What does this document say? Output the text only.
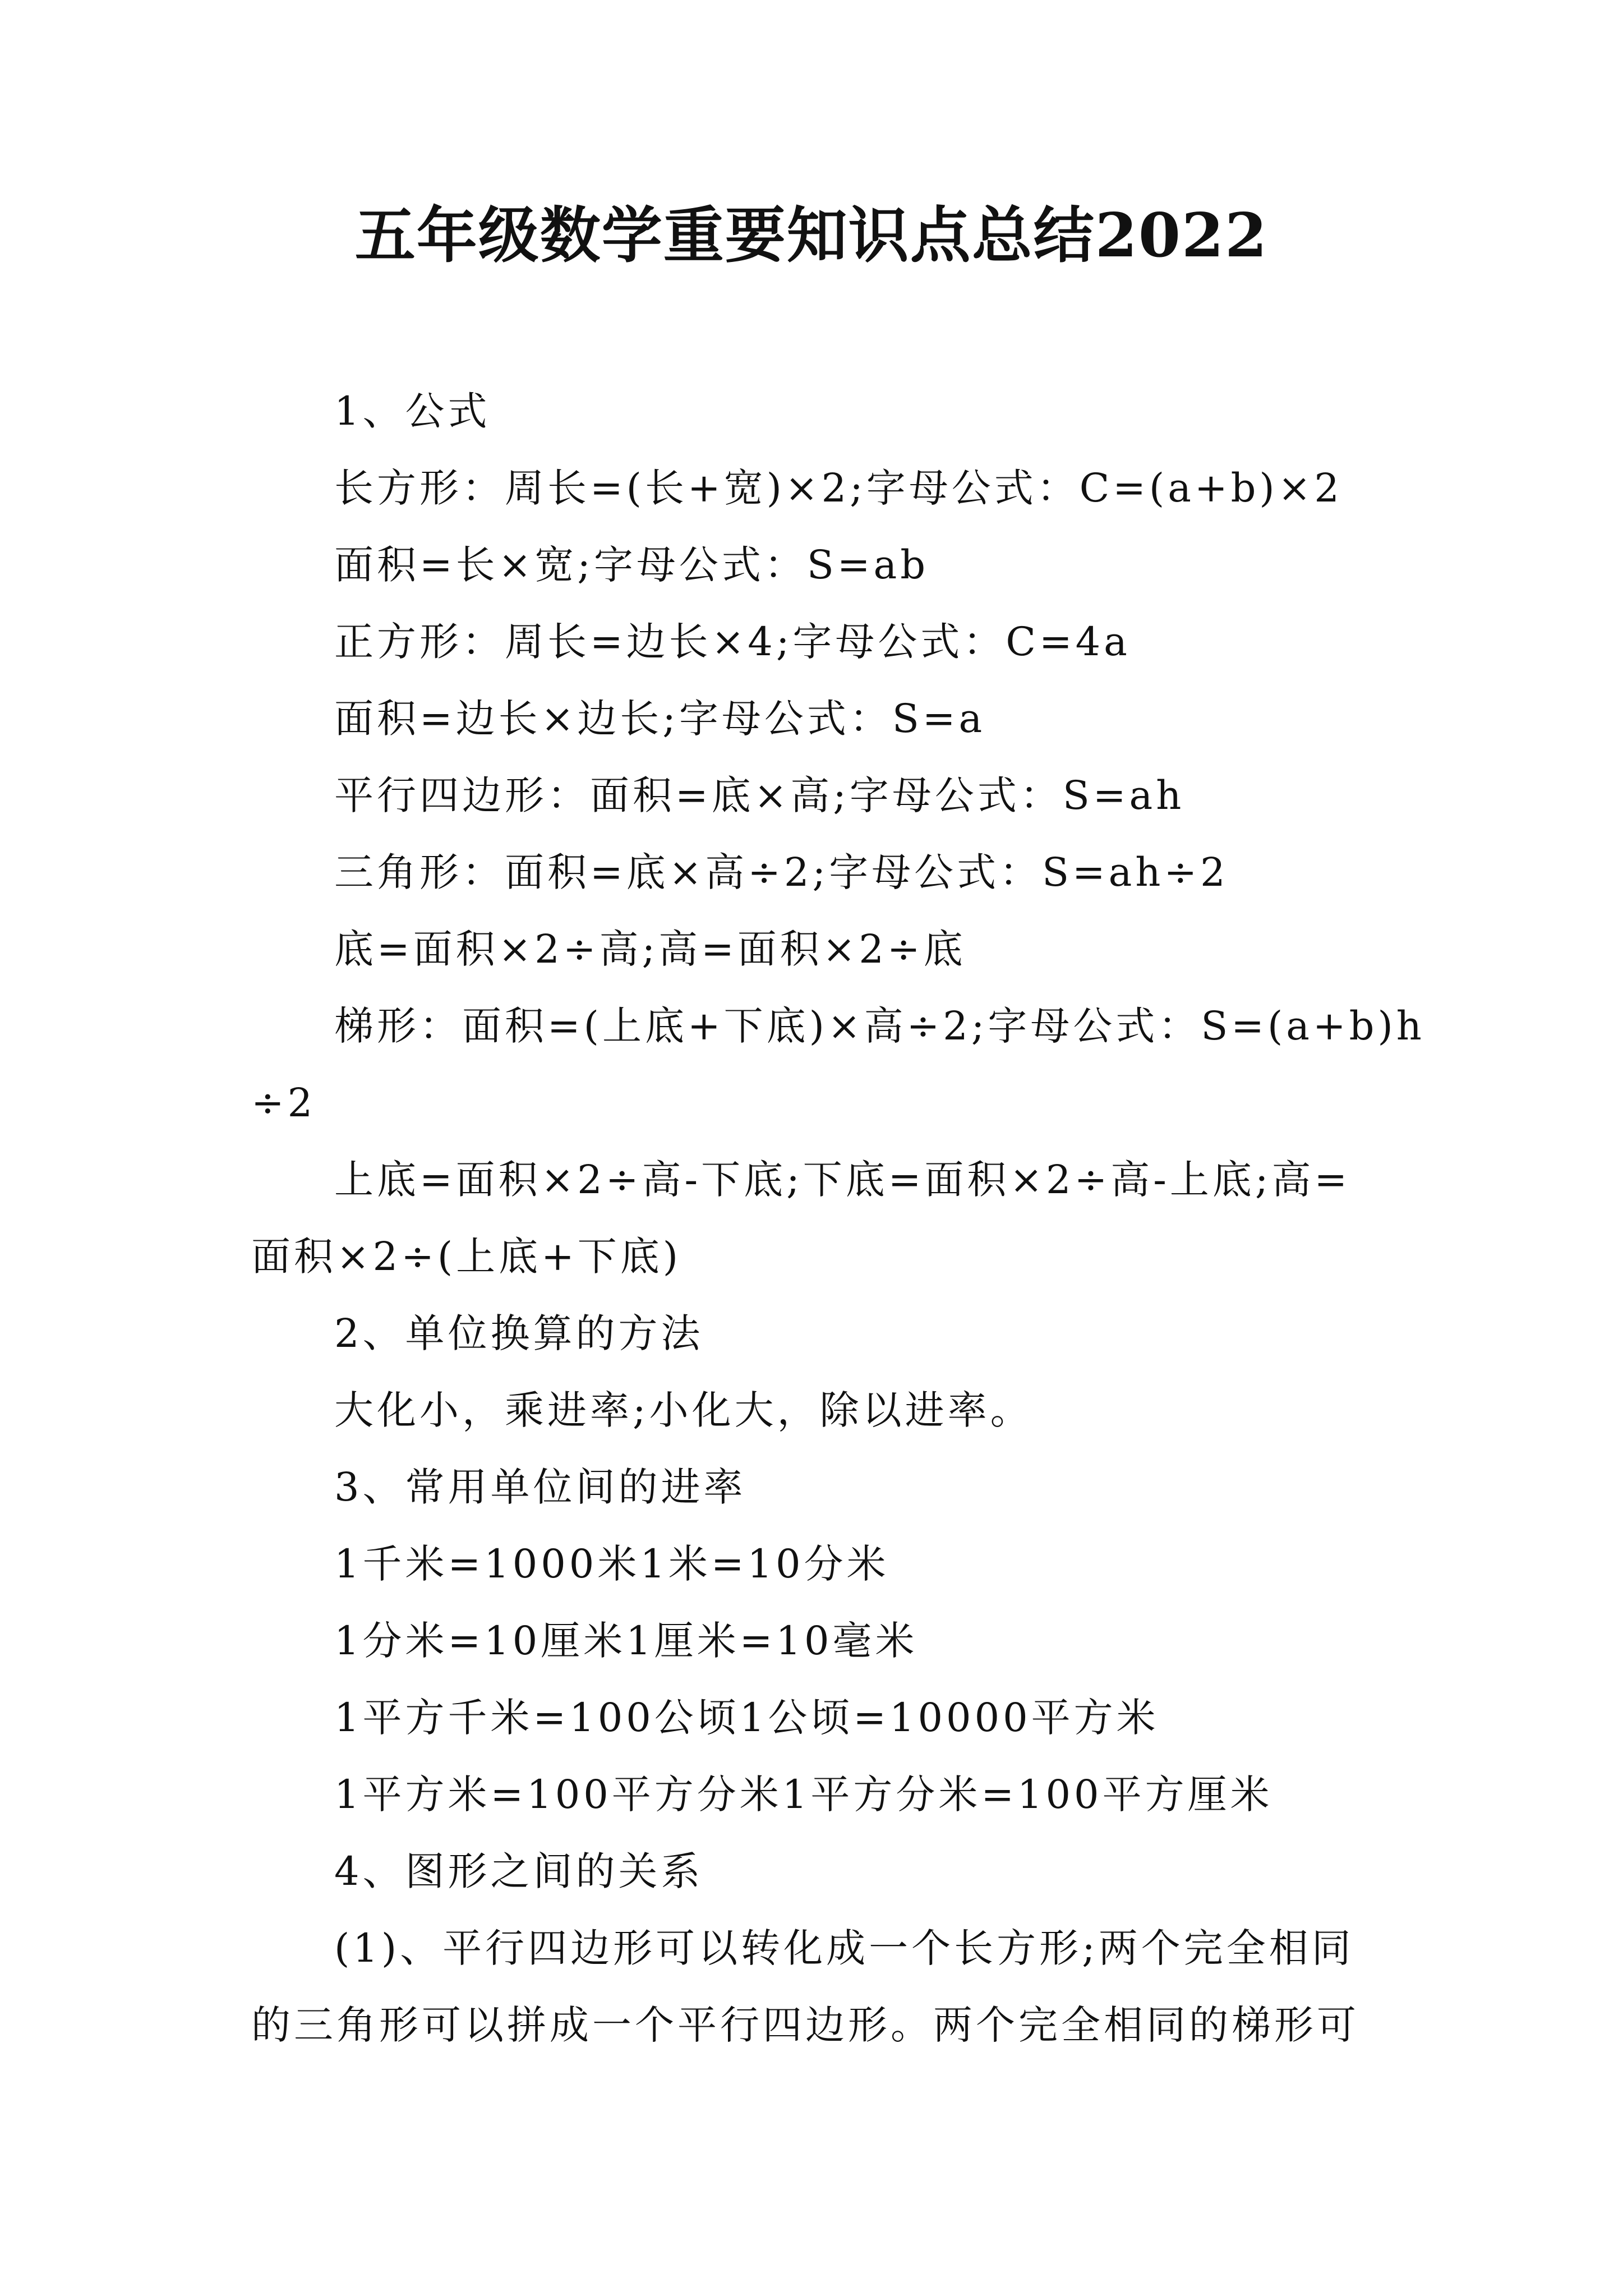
五年级数学重要知识点总结2022

1、公式

长方形：周长=(长+宽)×2;字母公式：C=(a+b)×2

面积=长×宽;字母公式：S=ab

正方形：周长=边长×4;字母公式：C=4a

面积=边长×边长;字母公式：S=a

平行四边形：面积=底×高;字母公式：S=ah

三角形：面积=底×高÷2;字母公式：S=ah÷2

底=面积×2÷高;高=面积×2÷底

梯形：面积=(上底+下底)×高÷2;字母公式：S=(a+b)h

÷2

上底=面积×2÷高-下底;下底=面积×2÷高-上底;高=

面积×2÷(上底+下底)

2、单位换算的方法

大化小，乘进率;小化大，除以进率。

3、常用单位间的进率

1千米=1000米1米=10分米

1分米=10厘米1厘米=10毫米

1平方千米=100公顷1公顷=10000平方米

1平方米=100平方分米1平方分米=100平方厘米

4、图形之间的关系

(1)、平行四边形可以转化成一个长方形;两个完全相同

的三角形可以拼成一个平行四边形。两个完全相同的梯形可
